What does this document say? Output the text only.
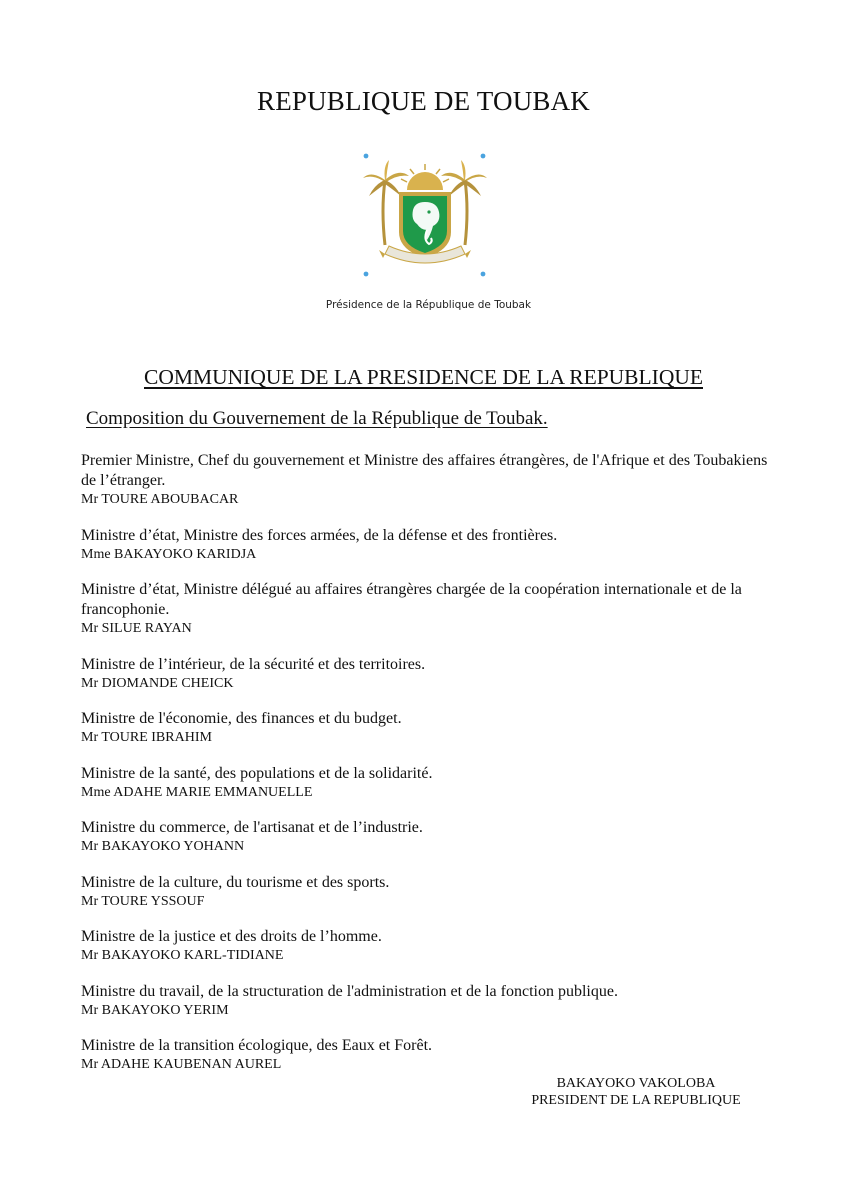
REPUBLIQUE DE TOUBAK
Présidence de la République de Toubak
COMMUNIQUE DE LA PRESIDENCE DE LA REPUBLIQUE
Composition du Gouvernement de la République de Toubak.
Premier Ministre, Chef du gouvernement et Ministre des affaires étrangères, de l'Afrique et des Toubakiens de l’étranger.
Mr TOURE ABOUBACAR
Ministre d’état, Ministre des forces armées, de la défense et des frontières.
Mme BAKAYOKO KARIDJA
Ministre d’état, Ministre délégué au affaires étrangères chargée de la coopération internationale et de la francophonie.
Mr SILUE RAYAN
Ministre de l’intérieur, de la sécurité et des territoires.
Mr DIOMANDE CHEICK
Ministre de l'économie, des finances et du budget.
Mr TOURE IBRAHIM
Ministre de la santé, des populations et de la solidarité.
Mme ADAHE MARIE EMMANUELLE
Ministre du commerce, de l'artisanat et de l’industrie.
Mr BAKAYOKO YOHANN
Ministre de la culture, du tourisme et des sports.
Mr TOURE YSSOUF
Ministre de la justice et des droits de l’homme.
Mr BAKAYOKO KARL-TIDIANE
Ministre du travail, de la structuration de l'administration et de la fonction publique.
Mr BAKAYOKO YERIM
Ministre de la transition écologique, des Eaux et Forêt.
Mr ADAHE KAUBENAN AUREL
BAKAYOKO VAKOLOBA
PRESIDENT DE LA REPUBLIQUE
